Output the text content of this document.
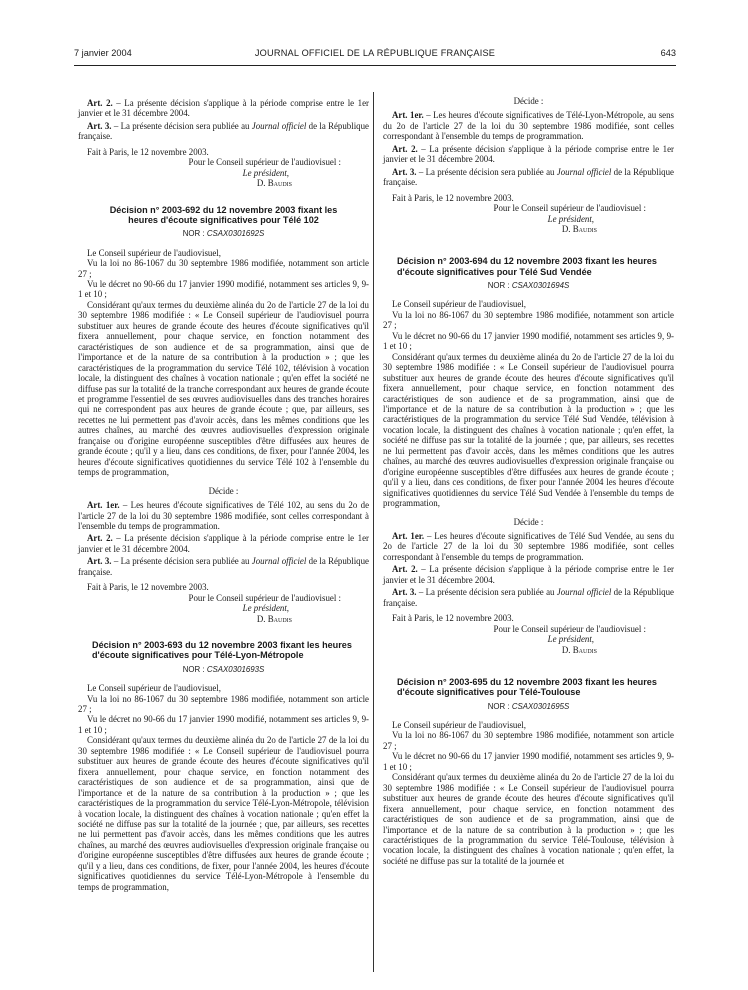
7 janvier 2004	JOURNAL OFFICIEL DE LA RÉPUBLIQUE FRANÇAISE	643

Art. 2. – La présente décision s'applique à la période comprise entre le 1er janvier et le 31 décembre 2004.

Art. 3. – La présente décision sera publiée au Journal officiel de la République française.

Fait à Paris, le 12 novembre 2003.

Pour le Conseil supérieur de l'audiovisuel :
Le président,
D. Baudis

Décision n° 2003-692 du 12 novembre 2003 fixant les heures d'écoute significatives pour Télé 102
NOR : CSAX0301692S

Le Conseil supérieur de l'audiovisuel,

Vu la loi no 86-1067 du 30 septembre 1986 modifiée, notamment son article 27 ;

Vu le décret no 90-66 du 17 janvier 1990 modifié, notamment ses articles 9, 9-1 et 10 ;

Considérant qu'aux termes du deuxième alinéa du 2o de l'article 27 de la loi du 30 septembre 1986 modifiée : « Le Conseil supérieur de l'audiovisuel pourra substituer aux heures de grande écoute des heures d'écoute significatives qu'il fixera annuellement, pour chaque service, en fonction notamment des caractéristiques de son audience et de sa programmation, ainsi que de l'importance et de la nature de sa contribution à la production » ; que les caractéristiques de la programmation du service Télé 102, télévision à vocation locale, la distinguent des chaînes à vocation nationale ; qu'en effet la société ne diffuse pas sur la totalité de la tranche correspondant aux heures de grande écoute et programme l'essentiel de ses œuvres audiovisuelles dans des tranches horaires qui ne correspondent pas aux heures de grande écoute ; que, par ailleurs, ses recettes ne lui permettent pas d'avoir accès, dans les mêmes conditions que les autres chaînes, au marché des œuvres audiovisuelles d'expression originale française ou d'origine européenne susceptibles d'être diffusées aux heures de grande écoute ; qu'il y a lieu, dans ces conditions, de fixer, pour l'année 2004, les heures d'écoute significatives quotidiennes du service Télé 102 à l'ensemble du temps de programmation,

Décide :

Art. 1er. – Les heures d'écoute significatives de Télé 102, au sens du 2o de l'article 27 de la loi du 30 septembre 1986 modifiée, sont celles correspondant à l'ensemble du temps de programmation.

Art. 2. – La présente décision s'applique à la période comprise entre le 1er janvier et le 31 décembre 2004.

Art. 3. – La présente décision sera publiée au Journal officiel de la République française.

Fait à Paris, le 12 novembre 2003.

Pour le Conseil supérieur de l'audiovisuel :
Le président,
D. Baudis

Décision n° 2003-693 du 12 novembre 2003 fixant les heures d'écoute significatives pour Télé-Lyon-Métropole
NOR : CSAX0301693S

Le Conseil supérieur de l'audiovisuel,

Vu la loi no 86-1067 du 30 septembre 1986 modifiée, notamment son article 27 ;

Vu le décret no 90-66 du 17 janvier 1990 modifié, notamment ses articles 9, 9-1 et 10 ;

Considérant qu'aux termes du deuxième alinéa du 2o de l'article 27 de la loi du 30 septembre 1986 modifiée : « Le Conseil supérieur de l'audiovisuel pourra substituer aux heures de grande écoute des heures d'écoute significatives qu'il fixera annuellement, pour chaque service, en fonction notamment des caractéristiques de son audience et de sa programmation, ainsi que de l'importance et de la nature de sa contribution à la production » ; que les caractéristiques de la programmation du service Télé-Lyon-Métropole, télévision à vocation locale, la distinguent des chaînes à vocation nationale ; qu'en effet la société ne diffuse pas sur la totalité de la journée ; que, par ailleurs, ses recettes ne lui permettent pas d'avoir accès, dans les mêmes conditions que les autres chaînes, au marché des œuvres audiovisuelles d'expression originale française ou d'origine européenne susceptibles d'être diffusées aux heures de grande écoute ; qu'il y a lieu, dans ces conditions, de fixer, pour l'année 2004, les heures d'écoute significatives quotidiennes du service Télé-Lyon-Métropole à l'ensemble du temps de programmation,

Décide :

Art. 1er. – Les heures d'écoute significatives de Télé-Lyon-Métropole, au sens du 2o de l'article 27 de la loi du 30 septembre 1986 modifiée, sont celles correspondant à l'ensemble du temps de programmation.

Art. 2. – La présente décision s'applique à la période comprise entre le 1er janvier et le 31 décembre 2004.

Art. 3. – La présente décision sera publiée au Journal officiel de la République française.

Fait à Paris, le 12 novembre 2003.

Pour le Conseil supérieur de l'audiovisuel :
Le président,
D. Baudis

Décision n° 2003-694 du 12 novembre 2003 fixant les heures d'écoute significatives pour Télé Sud Vendée
NOR : CSAX0301694S

Le Conseil supérieur de l'audiovisuel,

Vu la loi no 86-1067 du 30 septembre 1986 modifiée, notamment son article 27 ;

Vu le décret no 90-66 du 17 janvier 1990 modifié, notamment ses articles 9, 9-1 et 10 ;

Considérant qu'aux termes du deuxième alinéa du 2o de l'article 27 de la loi du 30 septembre 1986 modifiée : « Le Conseil supérieur de l'audiovisuel pourra substituer aux heures de grande écoute des heures d'écoute significatives qu'il fixera annuellement, pour chaque service, en fonction notamment des caractéristiques de son audience et de sa programmation, ainsi que de l'importance et de la nature de sa contribution à la production » ; que les caractéristiques de la programmation du service Télé Sud Vendée, télévision à vocation locale, la distinguent des chaînes à vocation nationale ; qu'en effet, la société ne diffuse pas sur la totalité de la journée ; que, par ailleurs, ses recettes ne lui permettent pas d'avoir accès, dans les mêmes conditions que les autres chaînes, au marché des œuvres audiovisuelles d'expression originale française ou d'origine européenne susceptibles d'être diffusées aux heures de grande écoute ; qu'il y a lieu, dans ces conditions, de fixer pour l'année 2004 les heures d'écoute significatives quotidiennes du service Télé Sud Vendée à l'ensemble du temps de programmation,

Décide :

Art. 1er. – Les heures d'écoute significatives de Télé Sud Vendée, au sens du 2o de l'article 27 de la loi du 30 septembre 1986 modifiée, sont celles correspondant à l'ensemble du temps de programmation.

Art. 2. – La présente décision s'applique à la période comprise entre le 1er janvier et le 31 décembre 2004.

Art. 3. – La présente décision sera publiée au Journal officiel de la République française.

Fait à Paris, le 12 novembre 2003.

Pour le Conseil supérieur de l'audiovisuel :
Le président,
D. Baudis

Décision n° 2003-695 du 12 novembre 2003 fixant les heures d'écoute significatives pour Télé-Toulouse
NOR : CSAX0301695S

Le Conseil supérieur de l'audiovisuel,

Vu la loi no 86-1067 du 30 septembre 1986 modifiée, notamment son article 27 ;

Vu le décret no 90-66 du 17 janvier 1990 modifié, notamment ses articles 9, 9-1 et 10 ;

Considérant qu'aux termes du deuxième alinéa du 2o de l'article 27 de la loi du 30 septembre 1986 modifiée : « Le Conseil supérieur de l'audiovisuel pourra substituer aux heures de grande écoute des heures d'écoute significatives qu'il fixera annuellement, pour chaque service, en fonction notamment des caractéristiques de son audience et de sa programmation, ainsi que de l'importance et de la nature de sa contribution à la production » ; que les caractéristiques de la programmation du service Télé-Toulouse, télévision à vocation locale, la distinguent des chaînes à vocation nationale ; qu'en effet, la société ne diffuse pas sur la totalité de la journée et
